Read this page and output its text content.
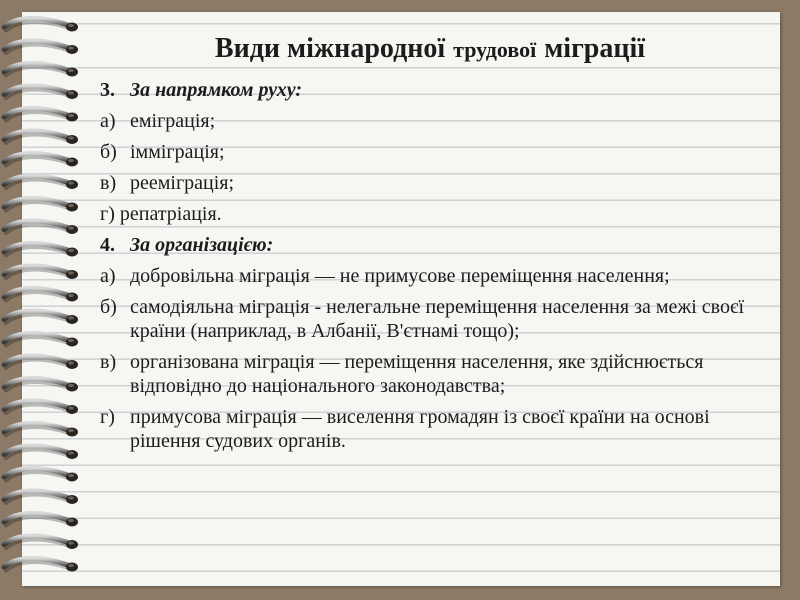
Види міжнародної трудової міграції
3. За напрямком руху:
а) еміграція;
б) імміграція;
в) рееміграція;
г) репатріація.
4. За організацією:
а) добровільна міграція — не примусове переміщення населення;
б) самодіяльна міграція - нелегальне переміщення населення за межі своєї країни (наприклад, в Албанії, В'єтнамі тощо);
в) організована міграція — переміщення населення, яке здійснюється відповідно до національного законодавства;
г) примусова міграція — виселення громадян із своєї країни на основі рішення судових органів.
